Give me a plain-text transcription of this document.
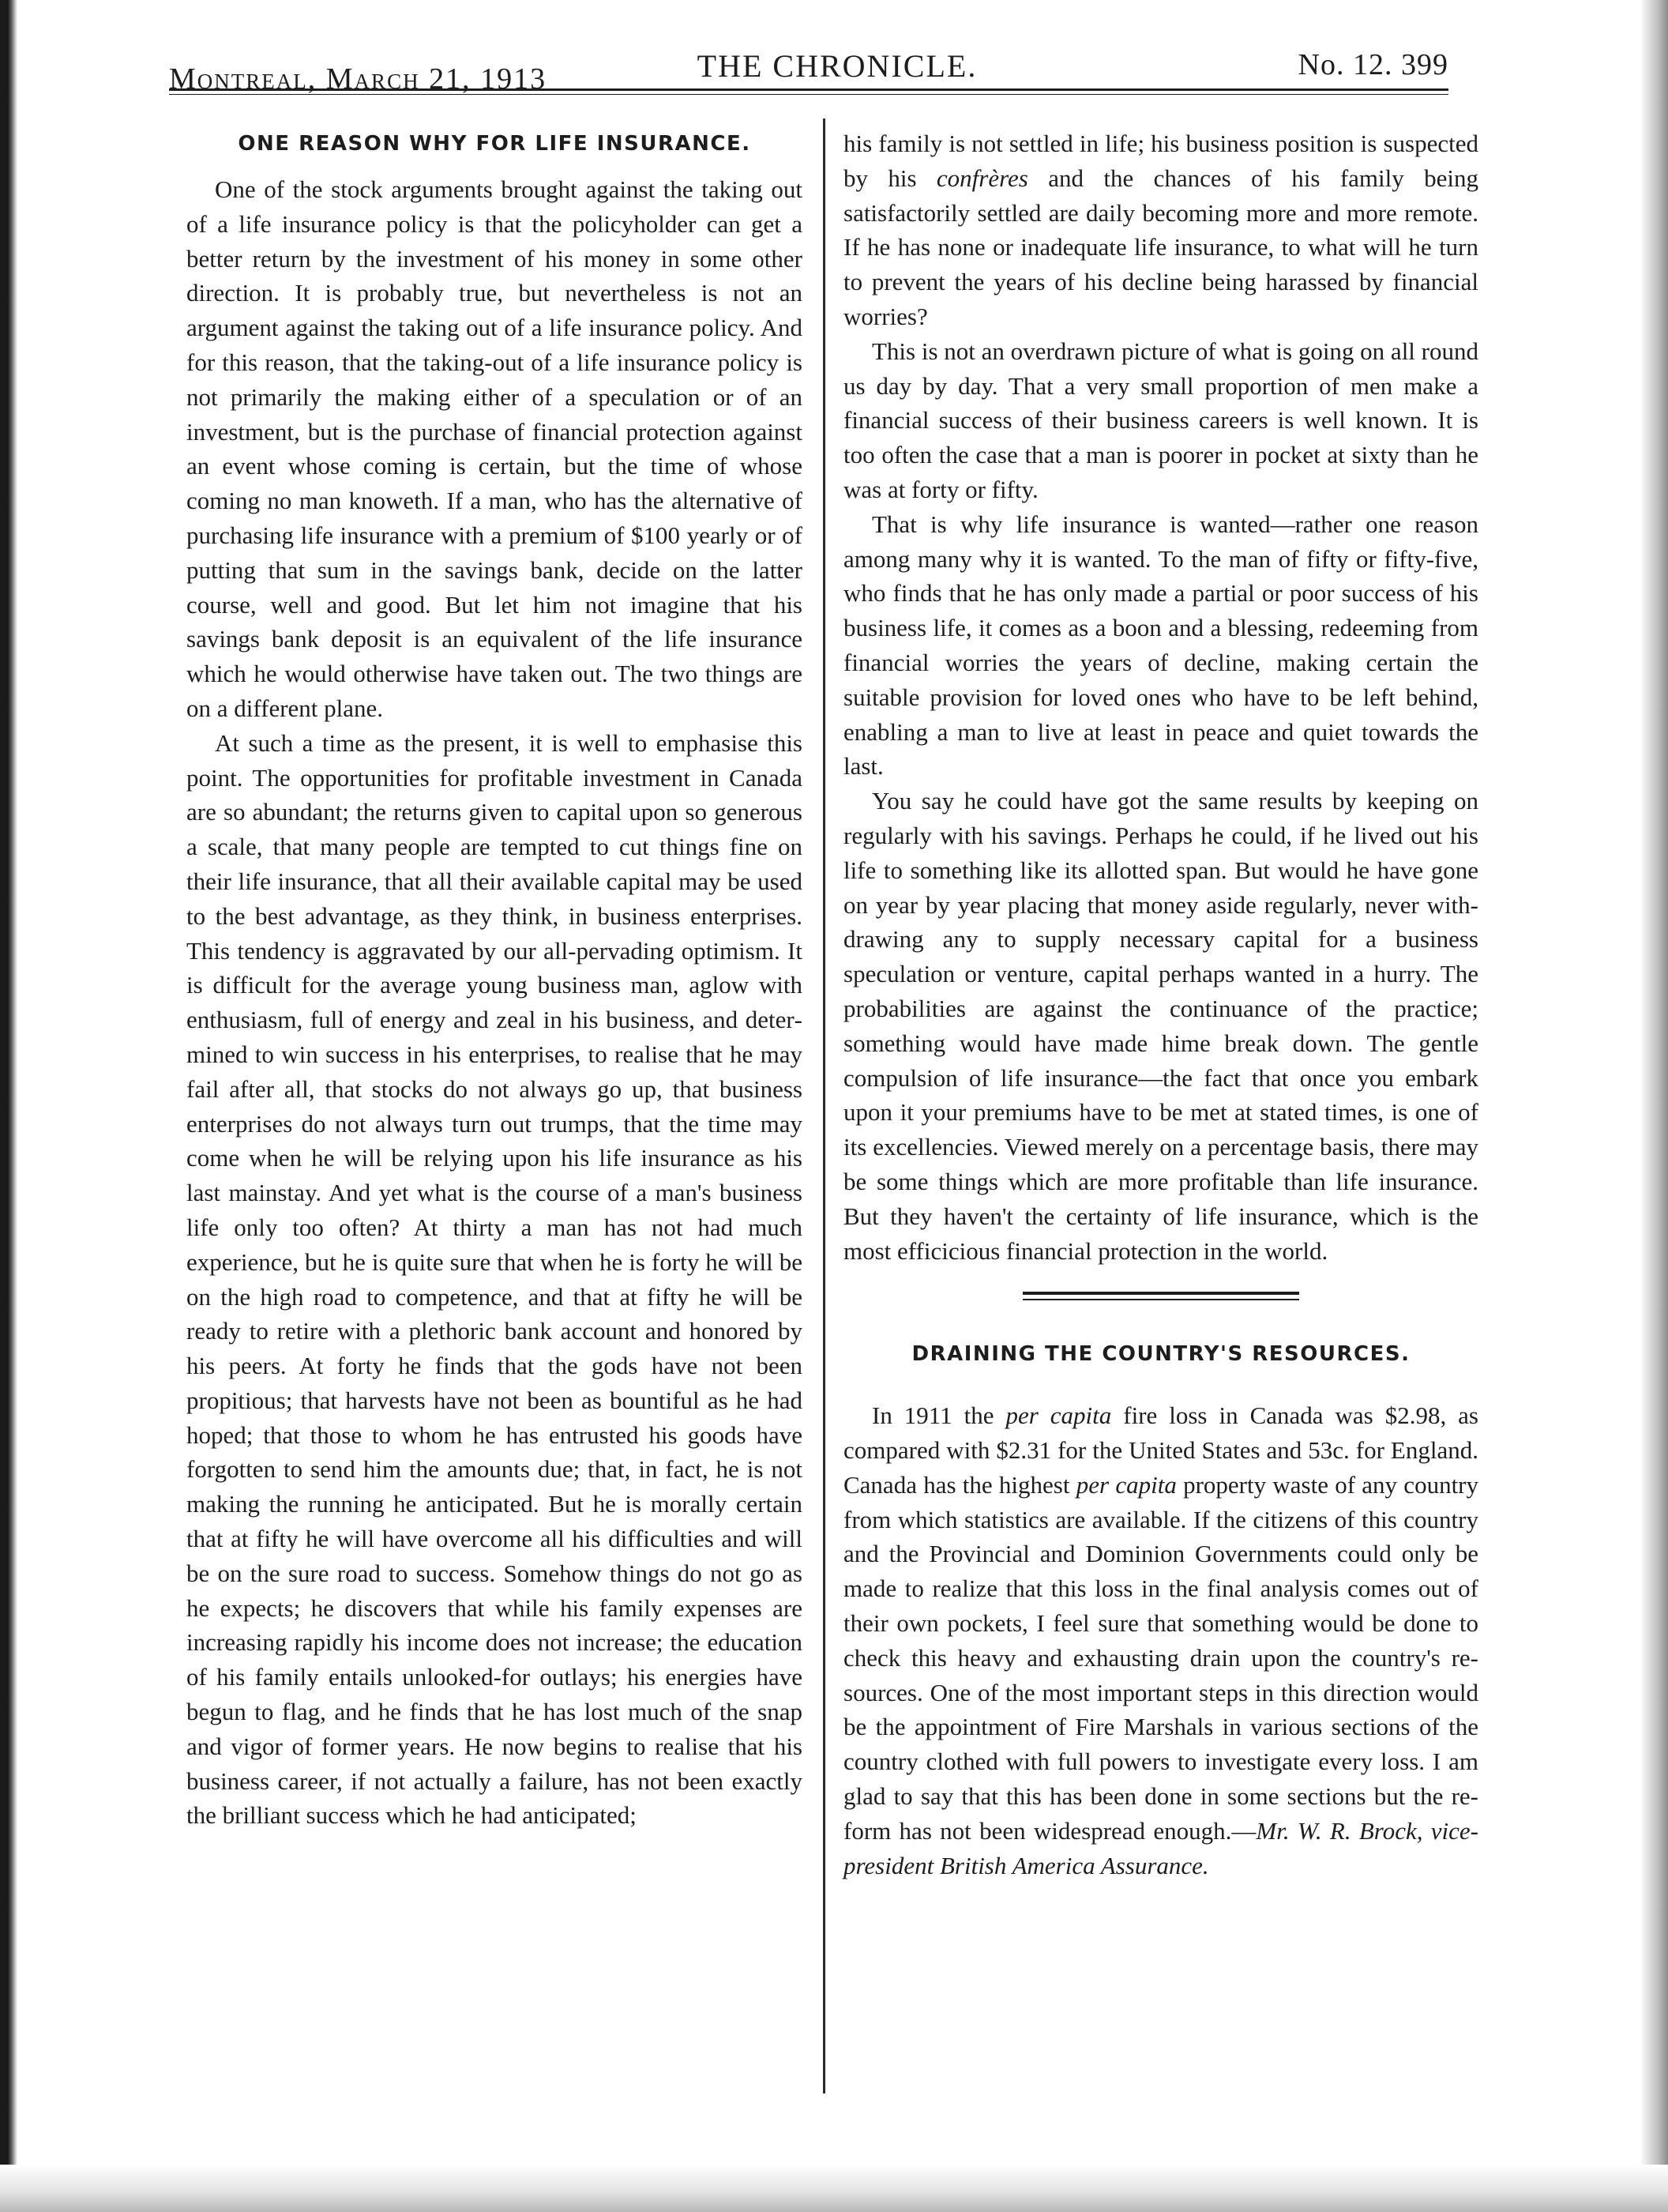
Montreal, March 21, 1913	THE CHRONICLE.	No. 12. 399
ONE REASON WHY FOR LIFE INSURANCE.

One of the stock arguments brought against the taking out of a life insurance policy is that the policyholder can get a better return by the investment of his money in some other direction. It is probably true, but nevertheless is not an argument against the taking out of a life insurance policy. And for this reason, that the taking-out of a life insurance policy is not primarily the making either of a speculation or of an investment, but is the purchase of financial protection against an event whose coming is certain, but the time of whose coming no man knoweth. If a man, who has the alternative of purchasing life insurance with a premium of $100 yearly or of putting that sum in the savings bank, decide on the latter course, well and good. But let him not imagine that his savings bank deposit is an equivalent of the life insurance which he would otherwise have taken out. The two things are on a different plane.

At such a time as the present, it is well to emphasise this point. The opportunities for profitable investment in Canada are so abundant; the returns given to capital upon so generous a scale, that many people are tempted to cut things fine on their life insurance, that all their available capital may be used to the best advantage, as they think, in business enterprises. This tendency is aggravated by our all-pervading optimism. It is difficult for the average young business man, aglow with enthusiasm, full of energy and zeal in his business, and determined to win success in his enterprises, to realise that he may fail after all, that stocks do not always go up, that business enterprises do not always turn out trumps, that the time may come when he will be relying upon his life insurance as his last mainstay. And yet what is the course of a man's business life only too often? At thirty a man has not had much experience, but he is quite sure that when he is forty he will be on the high road to competence, and that at fifty he will be ready to retire with a plethoric bank account and honored by his peers. At forty he finds that the gods have not been propitious; that harvests have not been as bountiful as he had hoped; that those to whom he has entrusted his goods have forgotten to send him the amounts due; that, in fact, he is not making the running he anticipated. But he is morally certain that at fifty he will have overcome all his difficulties and will be on the sure road to success. Somehow things do not go as he expects; he discovers that while his family expenses are increasing rapidly his income does not increase; the education of his family entails unlooked-for outlays; his energies have begun to flag, and he finds that he has lost much of the snap and vigor of former years. He now begins to realise that his business career, if not actually a failure, has not been exactly the brilliant success which he had anticipated;

his family is not settled in life; his business position is suspected by his confrères and the chances of his family being satisfactorily settled are daily becoming more and more remote. If he has none or inadequate life insurance, to what will he turn to prevent the years of his decline being harassed by financial worries?

This is not an overdrawn picture of what is going on all round us day by day. That a very small proportion of men make a financial success of their business careers is well known. It is too often the case that a man is poorer in pocket at sixty than he was at forty or fifty.

That is why life insurance is wanted—rather one reason among many why it is wanted. To the man of fifty or fifty-five, who finds that he has only made a partial or poor success of his business life, it comes as a boon and a blessing, redeeming from financial worries the years of decline, making certain the suitable provision for loved ones who have to be left behind, enabling a man to live at least in peace and quiet towards the last.

You say he could have got the same results by keeping on regularly with his savings. Perhaps he could, if he lived out his life to something like its allotted span. But would he have gone on year by year placing that money aside regularly, never withdrawing any to supply necessary capital for a business speculation or venture, capital perhaps wanted in a hurry. The probabilities are against the continuance of the practice; something would have made hime break down. The gentle compulsion of life insurance—the fact that once you embark upon it your premiums have to be met at stated times, is one of its excellencies. Viewed merely on a percentage basis, there may be some things which are more profitable than life insurance. But they haven't the certainty of life insurance, which is the most efficicious financial protection in the world.

DRAINING THE COUNTRY'S RESOURCES.

In 1911 the per capita fire loss in Canada was $2.98, as compared with $2.31 for the United States and 53c. for England. Canada has the highest per capita property waste of any country from which statistics are available. If the citizens of this country and the Provincial and Dominion Governments could only be made to realize that this loss in the final analysis comes out of their own pockets, I feel sure that something would be done to check this heavy and exhausting drain upon the country's resources. One of the most important steps in this direction would be the appointment of Fire Marshals in various sections of the country clothed with full powers to investigate every loss. I am glad to say that this has been done in some sections but the reform has not been widespread enough.—Mr. W. R. Brock, vice-president British America Assurance.
